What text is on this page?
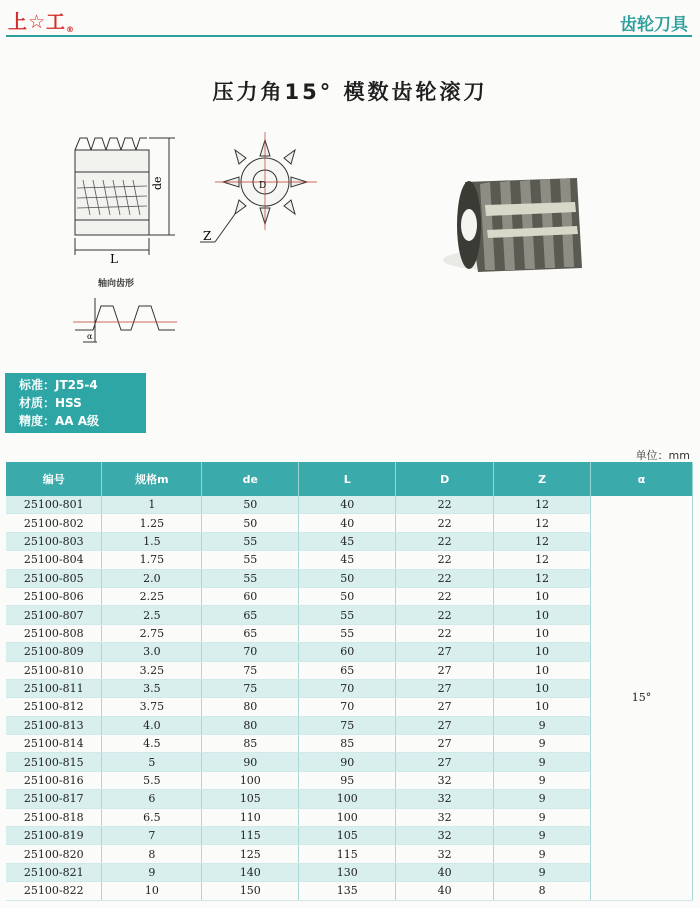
上☆工®	齿轮刀具
压力角15° 模数齿轮滚刀
de
L
D
Z
α
轴向齿形
标准：JT25-4
材质：HSS
精度：AA A级
单位：mm
编号	规格m	de	L	D	Z	α
25100-801	1	50	40	22	12	15°
25100-802	1.25	50	40	22	12	
25100-803	1.5	55	45	22	12	
25100-804	1.75	55	45	22	12	
25100-805	2.0	55	50	22	12	
25100-806	2.25	60	50	22	10	
25100-807	2.5	65	55	22	10	
25100-808	2.75	65	55	22	10	
25100-809	3.0	70	60	27	10	
25100-810	3.25	75	65	27	10	
25100-811	3.5	75	70	27	10	
25100-812	3.75	80	70	27	10	
25100-813	4.0	80	75	27	9	
25100-814	4.5	85	85	27	9	
25100-815	5	90	90	27	9	
25100-816	5.5	100	95	32	9	
25100-817	6	105	100	32	9	
25100-818	6.5	110	100	32	9	
25100-819	7	115	105	32	9	
25100-820	8	125	115	32	9	
25100-821	9	140	130	40	9	
25100-822	10	150	135	40	8	
